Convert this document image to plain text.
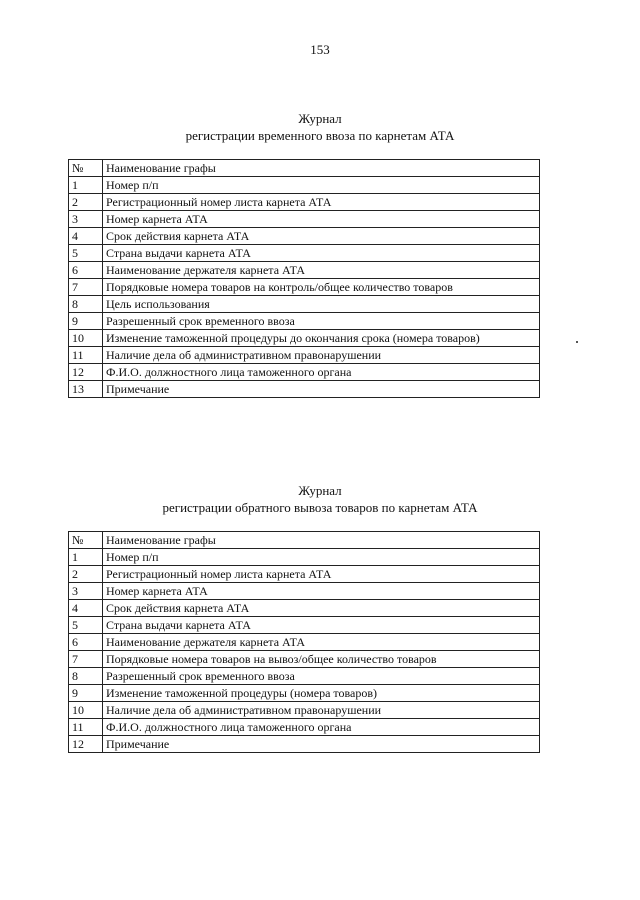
153
Журнал
регистрации временного ввоза по карнетам АТА
№	Наименование графы
1	Номер п/п
2	Регистрационный номер листа карнета АТА
3	Номер карнета АТА
4	Срок действия карнета АТА
5	Страна выдачи карнета АТА
6	Наименование держателя карнета АТА
7	Порядковые номера товаров на контроль/общее количество товаров
8	Цель использования
9	Разрешенный срок временного ввоза
10	Изменение таможенной процедуры до окончания срока (номера товаров)
11	Наличие дела об административном правонарушении
12	Ф.И.О. должностного лица таможенного органа
13	Примечание
Журнал
регистрации обратного вывоза товаров по карнетам АТА
№	Наименование графы
1	Номер п/п
2	Регистрационный номер листа карнета АТА
3	Номер карнета АТА
4	Срок действия карнета АТА
5	Страна выдачи карнета АТА
6	Наименование держателя карнета АТА
7	Порядковые номера товаров на вывоз/общее количество товаров
8	Разрешенный срок временного ввоза
9	Изменение таможенной процедуры (номера товаров)
10	Наличие дела об административном правонарушении
11	Ф.И.О. должностного лица таможенного органа
12	Примечание
